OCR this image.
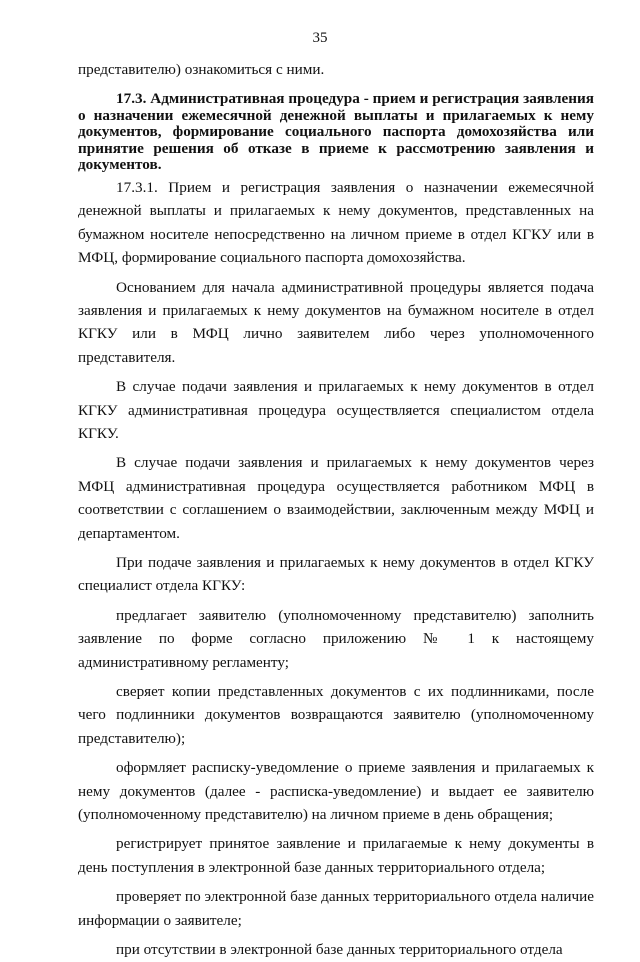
35

представителю) ознакомиться с ними.

17.3. Административная процедура - прием и регистрация заявления о назначении ежемесячной денежной выплаты и прилагаемых к нему документов, формирование социального паспорта домохозяйства или принятие решения об отказе в приеме к рассмотрению заявления и документов.

17.3.1. Прием и регистрация заявления о назначении ежемесячной денежной выплаты и прилагаемых к нему документов, представленных на бумажном носителе непосредственно на личном приеме в отдел КГКУ или в МФЦ, формирование социального паспорта домохозяйства.

Основанием для начала административной процедуры является подача заявления и прилагаемых к нему документов на бумажном носителе в отдел КГКУ или в МФЦ лично заявителем либо через уполномоченного представителя.

В случае подачи заявления и прилагаемых к нему документов в отдел КГКУ административная процедура осуществляется специалистом отдела КГКУ.

В случае подачи заявления и прилагаемых к нему документов через МФЦ административная процедура осуществляется работником МФЦ в соответствии с соглашением о взаимодействии, заключенным между МФЦ и департаментом.

При подаче заявления и прилагаемых к нему документов в отдел КГКУ специалист отдела КГКУ:

предлагает заявителю (уполномоченному представителю) заполнить заявление по форме согласно приложению № 1 к настоящему административному регламенту;

сверяет копии представленных документов с их подлинниками, после чего подлинники документов возвращаются заявителю (уполномоченному представителю);

оформляет расписку-уведомление о приеме заявления и прилагаемых к нему документов (далее - расписка-уведомление) и выдает ее заявителю (уполномоченному представителю) на личном приеме в день обращения;

регистрирует принятое заявление и прилагаемые к нему документы в день поступления в электронной базе данных территориального отдела;

проверяет по электронной базе данных территориального отдела наличие информации о заявителе;

при отсутствии в электронной базе данных территориального отдела
